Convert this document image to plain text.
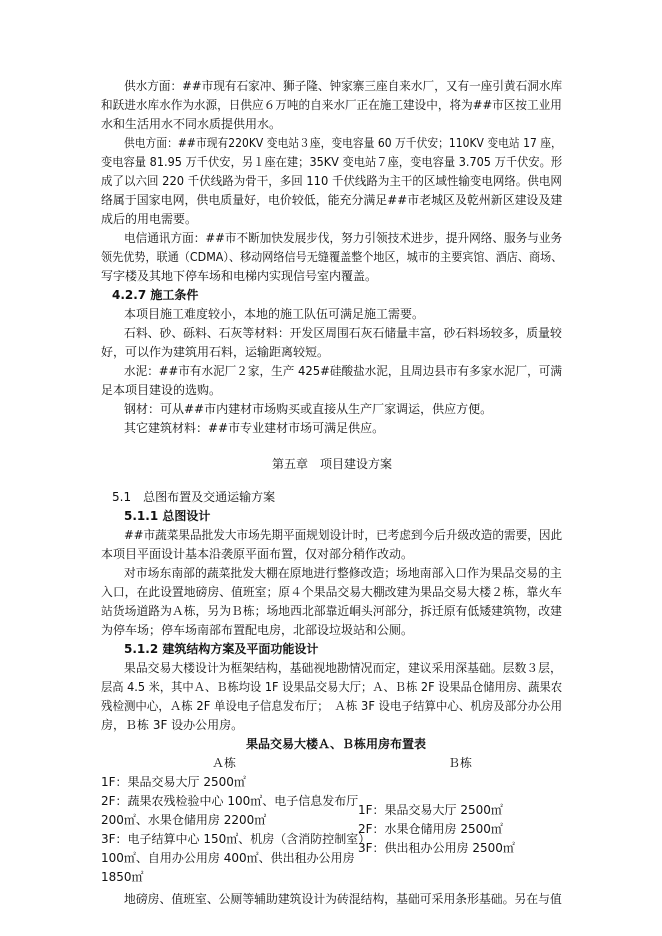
供水方面：##市现有石家冲、狮子隆、钟家寨三座自来水厂，又有一座引黄石洞水库
和跃进水库水作为水源，日供应６万吨的自来水厂正在施工建设中，将为##市区按工业用
水和生活用水不同水质提供用水。
供电方面：##市现有220KV 变电站３座，变电容量 60 万千伏安；110KV 变电站 17 座，
变电容量 81.95 万千伏安，另１座在建；35KV 变电站７座，变电容量 3.705 万千伏安。形
成了以六回 220 千伏线路为骨干，多回 110 千伏线路为主干的区域性输变电网络。供电网
络属于国家电网，供电质量好，电价较低，能充分满足##市老城区及乾州新区建设及建
成后的用电需要。
电信通讯方面：##市不断加快发展步伐，努力引领技术进步，提升网络、服务与业务
领先优势，联通（CDMA）、移动网络信号无缝覆盖整个地区，城市的主要宾馆、酒店、商场、
写字楼及其地下停车场和电梯内实现信号室内覆盖。
4.2.7 施工条件
本项目施工难度较小，本地的施工队伍可满足施工需要。
石料、砂、砾料、石灰等材料：开发区周围石灰石储量丰富，砂石料场较多，质量较
好，可以作为建筑用石料，运输距离较短。
水泥：##市有水泥厂２家，生产 425#硅酸盐水泥，且周边县市有多家水泥厂，可满
足本项目建设的选购。
钢材：可从##市内建材市场购买或直接从生产厂家调运，供应方便。
其它建筑材料：##市专业建材市场可满足供应。
第五章　项目建设方案
5.1　总图布置及交通运输方案
5.1.1 总图设计
##市蔬菜果品批发大市场先期平面规划设计时，已考虑到今后升级改造的需要，因此
本项目平面设计基本沿袭原平面布置，仅对部分稍作改动。
对市场东南部的蔬菜批发大棚在原地进行整修改造；场地南部入口作为果品交易的主
入口，在此设置地磅房、值班室；原４个果品交易大棚改建为果品交易大楼２栋，靠火车
站货场道路为Ａ栋，另为Ｂ栋；场地西北部靠近峒头河部分，拆迁原有低矮建筑物，改建
为停车场；停车场南部布置配电房，北部设垃圾站和公厕。
5.1.2 建筑结构方案及平面功能设计
果品交易大楼设计为框架结构，基础视地勘情况而定，建议采用深基础。层数３层，
层高 4.5 米，其中Ａ、Ｂ栋均设 1F 设果品交易大厅；Ａ、Ｂ栋 2F 设果品仓储用房、蔬果农
残检测中心，Ａ栋 2F 单设电子信息发布厅；　Ａ栋 3F 设电子结算中心、机房及部分办公用
房，Ｂ栋 3F 设办公用房。
果品交易大楼Ａ、Ｂ栋用房布置表
Ａ栋	Ｂ栋
1F：果品交易大厅 2500㎡
2F：蔬果农残检验中心 100㎡、电子信息发布厅
200㎡、水果仓储用房 2200㎡
3F：电子结算中心 150㎡、机房（含消防控制室）
100㎡、自用办公用房 400㎡、供出租办公用房
1850㎡
1F：果品交易大厅 2500㎡
2F：水果仓储用房 2500㎡
3F：供出租办公用房 2500㎡
地磅房、值班室、公厕等辅助建筑设计为砖混结构，基础可采用条形基础。另在与值
